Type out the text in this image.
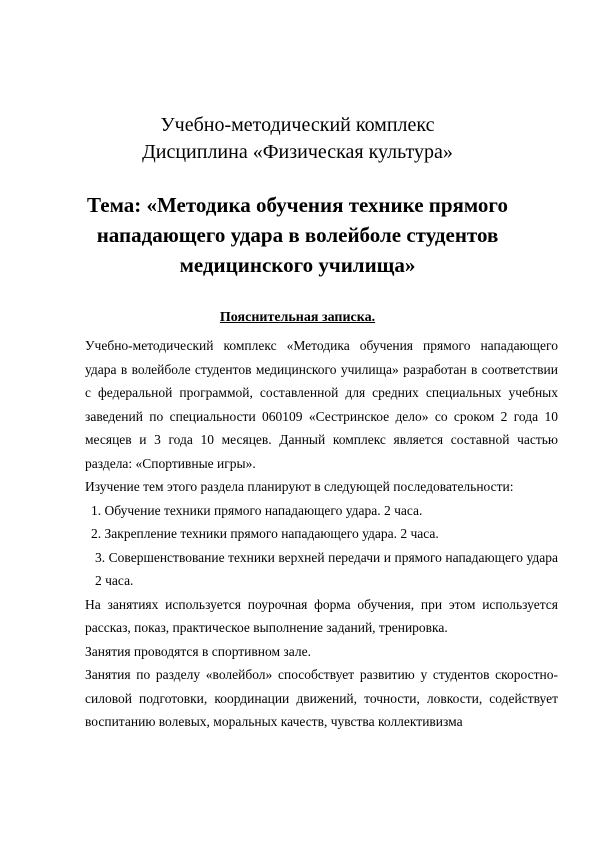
Учебно-методический комплекс
Дисциплина «Физическая культура»
Тема: «Методика обучения технике прямого нападающего удара в волейболе студентов медицинского училища»
Пояснительная записка.

Учебно-методический комплекс «Методика обучения прямого нападающего удара в волейболе студентов медицинского училища» разработан в соответствии с федеральной программой, составленной для средних специальных учебных заведений по специальности 060109 «Сестринское дело» со сроком 2 года 10 месяцев и 3 года 10 месяцев. Данный комплекс является составной частью раздела: «Спортивные игры».

Изучение тем этого раздела планируют в следующей последовательности:

1. Обучение техники прямого нападающего удара. 2 часа.

2. Закрепление техники прямого нападающего удара. 2 часа.

3. Совершенствование техники верхней передачи и прямого нападающего удара 2 часа.

На занятиях используется поурочная форма обучения, при этом используется рассказ, показ, практическое выполнение заданий, тренировка.

Занятия проводятся в спортивном зале.

Занятия по разделу «волейбол» способствует развитию у студентов скоростно-силовой подготовки, координации движений, точности, ловкости, содействует воспитанию волевых, моральных качеств, чувства коллективизма
